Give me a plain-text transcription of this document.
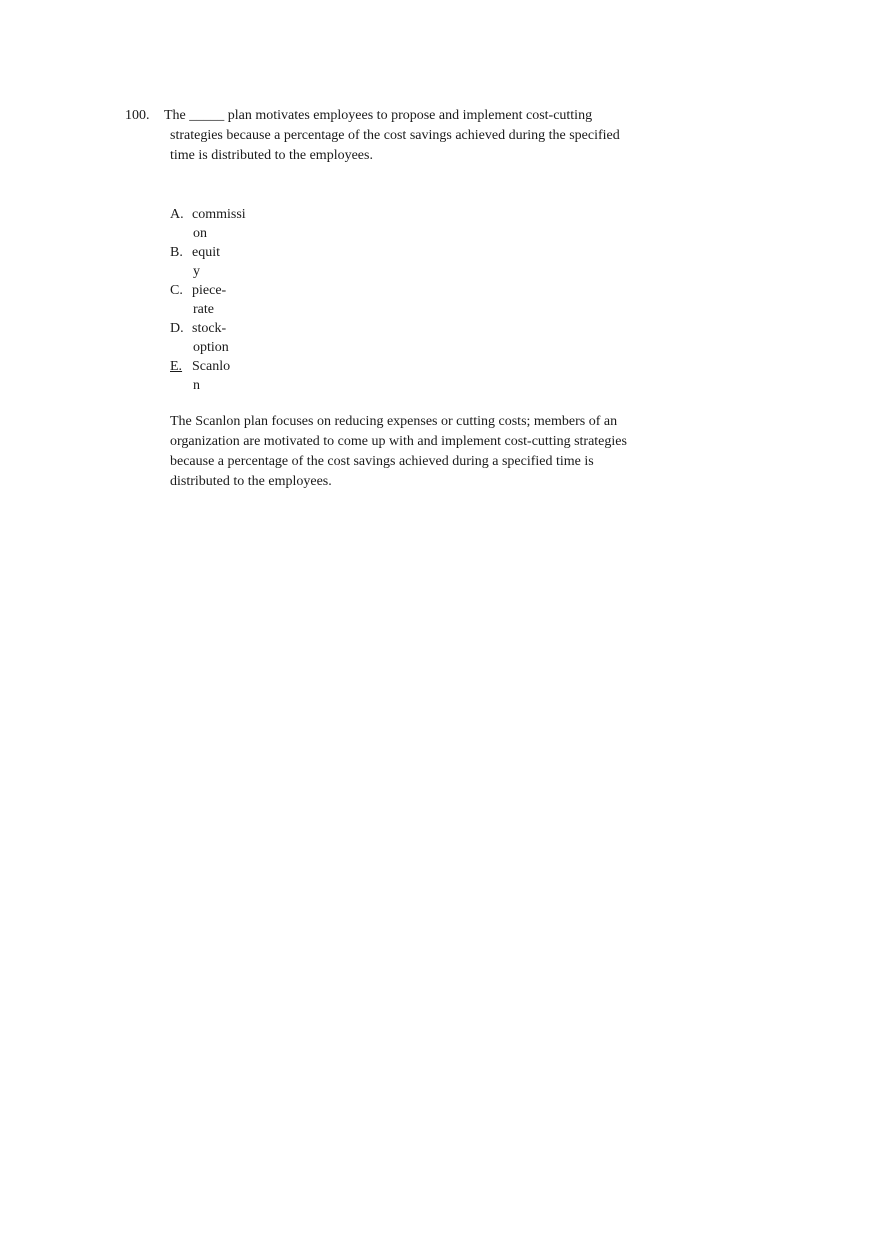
100. The _____ plan motivates employees to propose and implement cost-cutting
strategies because a percentage of the cost savings achieved during the specified
time is distributed to the employees.
A. commissi
on
B. equit
y
C. piece-
rate
D. stock-
option
E. Scanlo
n
The Scanlon plan focuses on reducing expenses or cutting costs; members of an
organization are motivated to come up with and implement cost-cutting strategies
because a percentage of the cost savings achieved during a specified time is
distributed to the employees.
